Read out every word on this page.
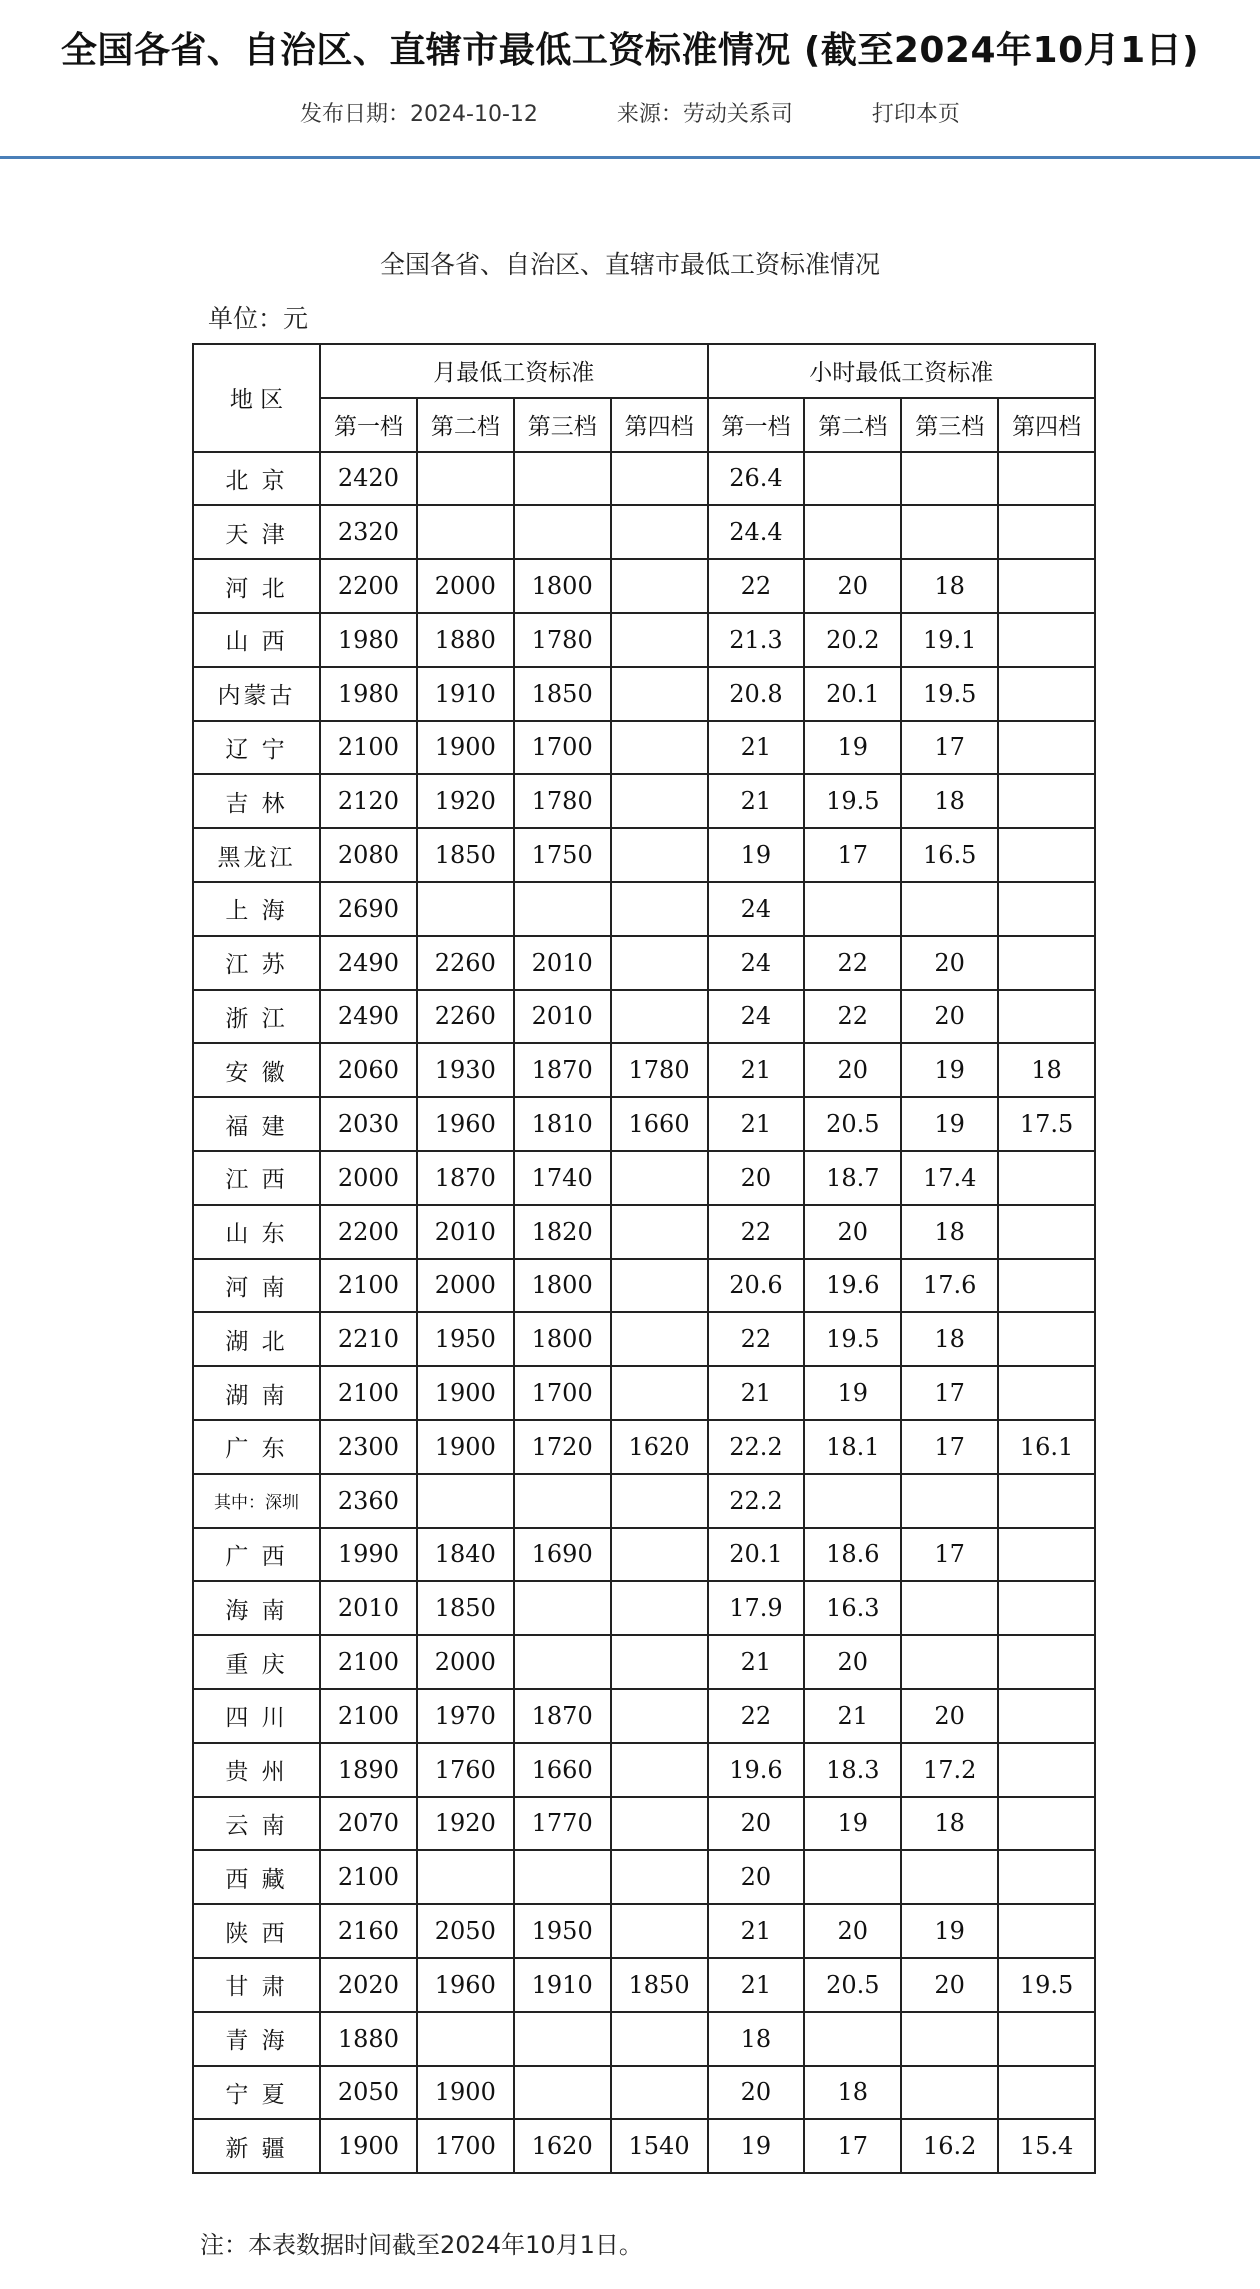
全国各省、自治区、直辖市最低工资标准情况 (截至2024年10月1日)
发布日期：2024-10-12	来源：劳动关系司	打印本页
全国各省、自治区、直辖市最低工资标准情况
单位：元
地 区	月最低工资标准				小时最低工资标准			
	第一档	第二档	第三档	第四档	第一档	第二档	第三档	第四档
北 京	2420				26.4			
天 津	2320				24.4			
河 北	2200	2000	1800		22	20	18	
山 西	1980	1880	1780		21.3	20.2	19.1	
内蒙古	1980	1910	1850		20.8	20.1	19.5	
辽 宁	2100	1900	1700		21	19	17	
吉 林	2120	1920	1780		21	19.5	18	
黑龙江	2080	1850	1750		19	17	16.5	
上 海	2690				24			
江 苏	2490	2260	2010		24	22	20	
浙 江	2490	2260	2010		24	22	20	
安 徽	2060	1930	1870	1780	21	20	19	18
福 建	2030	1960	1810	1660	21	20.5	19	17.5
江 西	2000	1870	1740		20	18.7	17.4	
山 东	2200	2010	1820		22	20	18	
河 南	2100	2000	1800		20.6	19.6	17.6	
湖 北	2210	1950	1800		22	19.5	18	
湖 南	2100	1900	1700		21	19	17	
广 东	2300	1900	1720	1620	22.2	18.1	17	16.1
其中：深圳	2360				22.2			
广 西	1990	1840	1690		20.1	18.6	17	
海 南	2010	1850			17.9	16.3		
重 庆	2100	2000			21	20		
四 川	2100	1970	1870		22	21	20	
贵 州	1890	1760	1660		19.6	18.3	17.2	
云 南	2070	1920	1770		20	19	18	
西 藏	2100				20			
陕 西	2160	2050	1950		21	20	19	
甘 肃	2020	1960	1910	1850	21	20.5	20	19.5
青 海	1880				18			
宁 夏	2050	1900			20	18		
新 疆	1900	1700	1620	1540	19	17	16.2	15.4
注：本表数据时间截至2024年10月1日。
